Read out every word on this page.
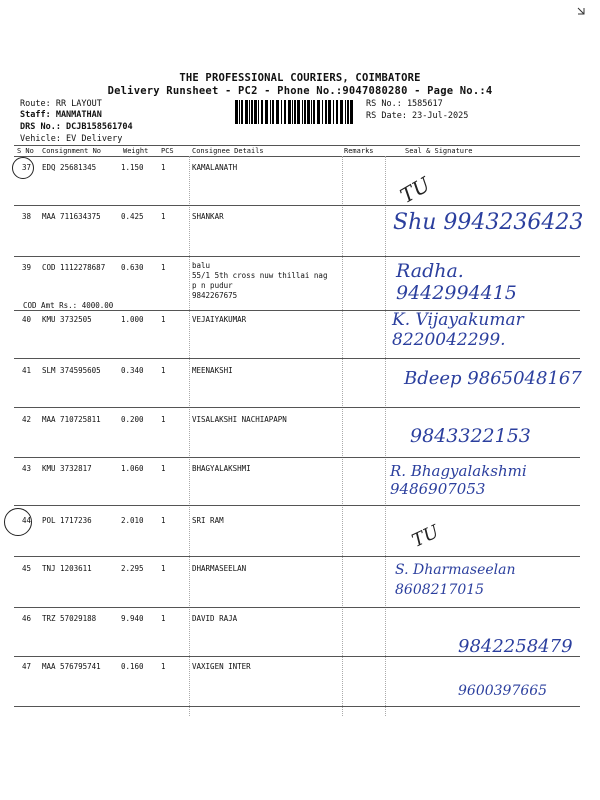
THE PROFESSIONAL COURIERS, COIMBATORE
Delivery Runsheet - PC2 - Phone No.:9047080280 - Page No.:4
Route: RR LAYOUT
Staff: MANMATHAN
DRS No.: DCJB158561704
Vehicle: EV Delivery
RS No.: 1585617
RS Date: 23-Jul-2025
S No Consignment No	Weight PCS	Consignee Details	Remarks	Seal & Signature
37 EDQ 25681345	1.150 1	KAMALANATH
TU
38 MAA 711634375	0.425 1	SHANKAR	Shu 9943236423
39 COD 1112278687 0.630 1	balu
55/1 5th cross nuw thillai nag
p n pudur
9842267675
COD Amt Rs.: 4000.00
Radha. 9442994415
40 KMU 3732505	1.000 1	VEJAIYAKUMAR	K. Vijayakumar 8220042299.
41 SLM 374595605	0.340 1	MEENAKSHI	Bdeep 9865048167
42 MAA 710725811	0.200 1	VISALAKSHI NACHIAPAPN
9843322153
43 KMU 3732817	1.060 1	BHAGYALAKSHMI	R. Bhagyalakshmi 9486907053
44 POL 1717236	2.010 1	SRI RAM
TU
45 TNJ 1203611	2.295 1	DHARMASEELAN	S. Dharmaseelan 8608217015
46 TRZ 57029188	9.940 1	DAVID RAJA
9842258479
47 MAA 576795741	0.160 1	VAXIGEN INTER
9600397665
